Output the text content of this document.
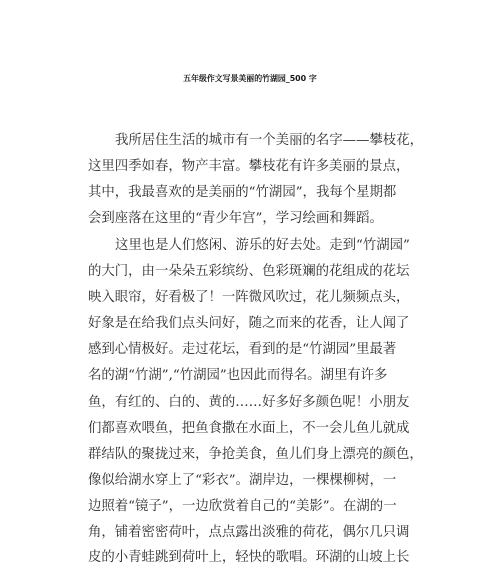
五年级作文写景美丽的竹湖园_500 字
我所居住生活的城市有一个美丽的名字——攀枝花，
这里四季如春，物产丰富。攀枝花有许多美丽的景点，
其中，我最喜欢的是美丽的“竹湖园”，我每个星期都
会到座落在这里的“青少年宫”，学习绘画和舞蹈。
这里也是人们悠闲、游乐的好去处。走到“竹湖园”
的大门，由一朵朵五彩缤纷、色彩斑斓的花组成的花坛
映入眼帘，好看极了！一阵微风吹过，花儿频频点头，
好象是在给我们点头问好，随之而来的花香，让人闻了
感到心情极好。走过花坛，看到的是“竹湖园”里最著
名的湖“竹湖”,“竹湖园”也因此而得名。湖里有许多
鱼，有红的、白的、黄的……好多好多颜色呢！小朋友
们都喜欢喂鱼，把鱼食撒在水面上，不一会儿鱼儿就成
群结队的聚拢过来，争抢美食，鱼儿们身上漂亮的颜色，
像似给湖水穿上了“彩衣”。湖岸边，一棵棵柳树，一
边照着“镜子”，一边欣赏着自己的“美影”。在湖的一
角，铺着密密荷叶，点点露出淡雅的荷花，偶尔几只调
皮的小青蛙跳到荷叶上，轻快的歌唱。环湖的山坡上长
